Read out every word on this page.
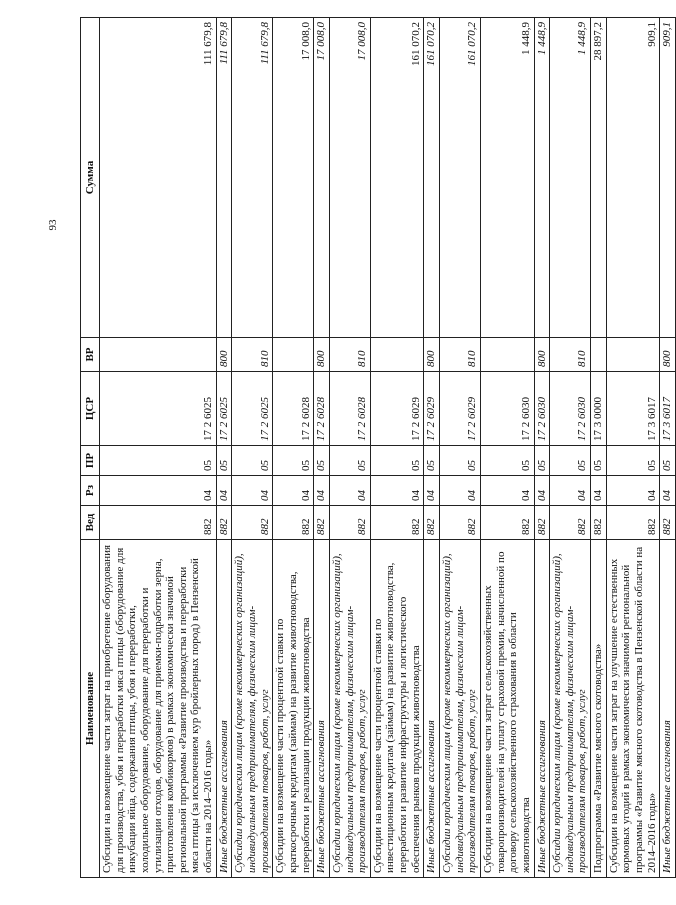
93
Наименование	Вед	Рз	ПР	ЦСР	ВР	Сумма
Субсидии на возмещение части затрат на приобретение оборудования для производства, убоя и переработки мяса птицы (оборудование для инкубации яйца, содержания птицы, убоя и переработки, холодильное оборудование, оборудование для переработки и утилизации отходов, оборудование для приемки-подработки зерна, приготовления комбикормов) в рамках экономически значимой региональной программы «Развитие производства и переработки мяса птицы (за исключением кур бройлерных пород) в Пензенской области на 2014–2016 годы»	882	04	05	17 2 6025		111 679,8
Иные бюджетные ассигнования	882	04	05	17 2 6025	800	111 679,8
Субсидии юридическим лицам (кроме некоммерческих организаций), индивидуальным предпринимателям, физическим лицам-производителям товаров, работ, услуг	882	04	05	17 2 6025	810	111 679,8
Субсидии на возмещение части процентной ставки по краткосрочным кредитам (займам) на развитие животноводства, переработки и реализации продукции животноводства	882	04	05	17 2 6028		17 008,0
Иные бюджетные ассигнования	882	04	05	17 2 6028	800	17 008,0
Субсидии юридическим лицам (кроме некоммерческих организаций), индивидуальным предпринимателям, физическим лицам-производителям товаров, работ, услуг	882	04	05	17 2 6028	810	17 008,0
Субсидии на возмещение части процентной ставки по инвестиционным кредитам (займам) на развитие животноводства, переработки и развитие инфраструктуры и логистического обеспечения рынков продукции животноводства	882	04	05	17 2 6029		161 070,2
Иные бюджетные ассигнования	882	04	05	17 2 6029	800	161 070,2
Субсидии юридическим лицам (кроме некоммерческих организаций), индивидуальным предпринимателям, физическим лицам-производителям товаров, работ, услуг	882	04	05	17 2 6029	810	161 070,2
Субсидии на возмещение части затрат сельскохозяйственных товаропроизводителей на уплату страховой премии, начисленной по договору сельскохозяйственного страхования в области животноводства	882	04	05	17 2 6030		1 448,9
Иные бюджетные ассигнования	882	04	05	17 2 6030	800	1 448,9
Субсидии юридическим лицам (кроме некоммерческих организаций), индивидуальным предпринимателям, физическим лицам-производителям товаров, работ, услуг	882	04	05	17 2 6030	810	1 448,9
Подпрограмма «Развитие мясного скотоводства»	882	04	05	17 3 0000		28 897,2
Субсидии на возмещение части затрат на улучшение естественных кормовых угодий в рамках экономически значимой региональной программы «Развитие мясного скотоводства в Пензенской области на 2014–2016 годы»	882	04	05	17 3 6017		909,1
Иные бюджетные ассигнования	882	04	05	17 3 6017	800	909,1
